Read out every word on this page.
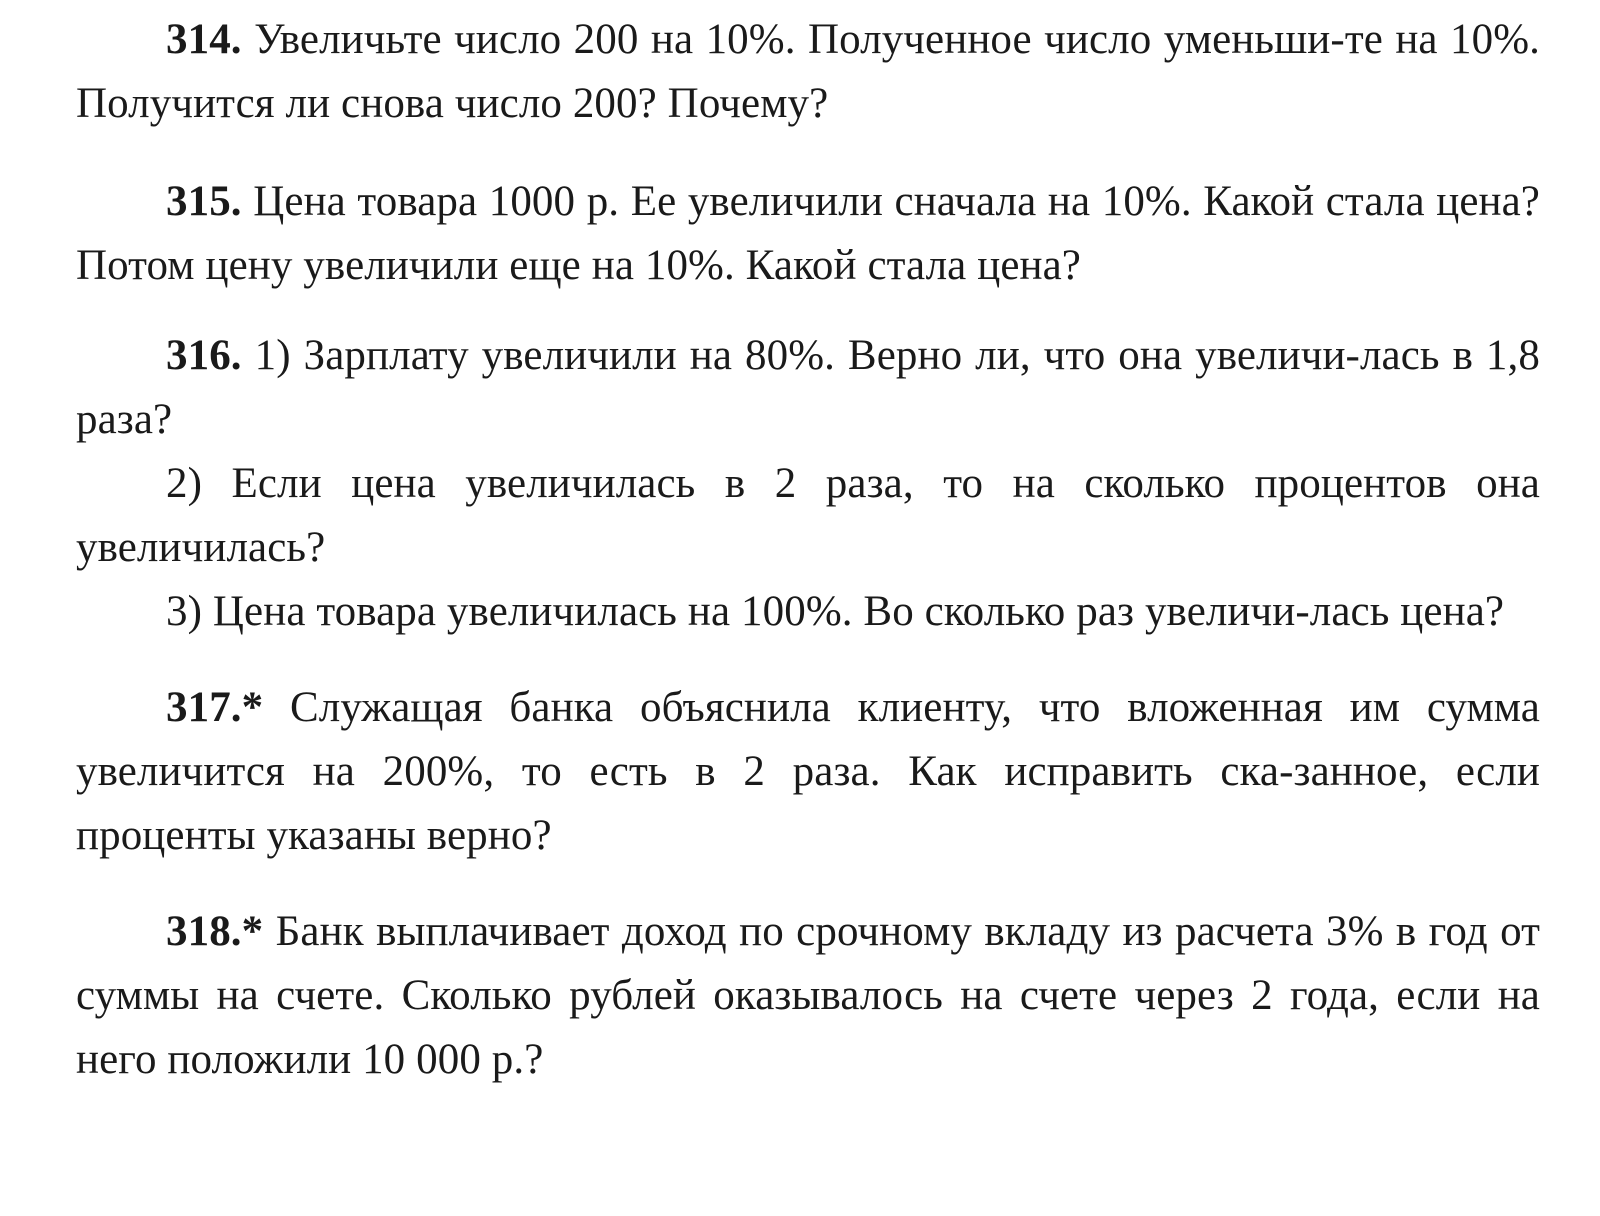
314. Увеличьте число 200 на 10%. Полученное число уменьши-те на 10%. Получится ли снова число 200? Почему?

315. Цена товара 1000 р. Ее увеличили сначала на 10%. Какой стала цена? Потом цену увеличили еще на 10%. Какой стала цена?

316. 1) Зарплату увеличили на 80%. Верно ли, что она увеличи-лась в 1,8 раза?

2) Если цена увеличилась в 2 раза, то на сколько процентов она увеличилась?

3) Цена товара увеличилась на 100%. Во сколько раз увеличи-лась цена?

317.* Служащая банка объяснила клиенту, что вложенная им сумма увеличится на 200%, то есть в 2 раза. Как исправить ска-занное, если проценты указаны верно?

318.* Банк выплачивает доход по срочному вкладу из расчета 3% в год от суммы на счете. Сколько рублей оказывалось на счете через 2 года, если на него положили 10 000 р.?
